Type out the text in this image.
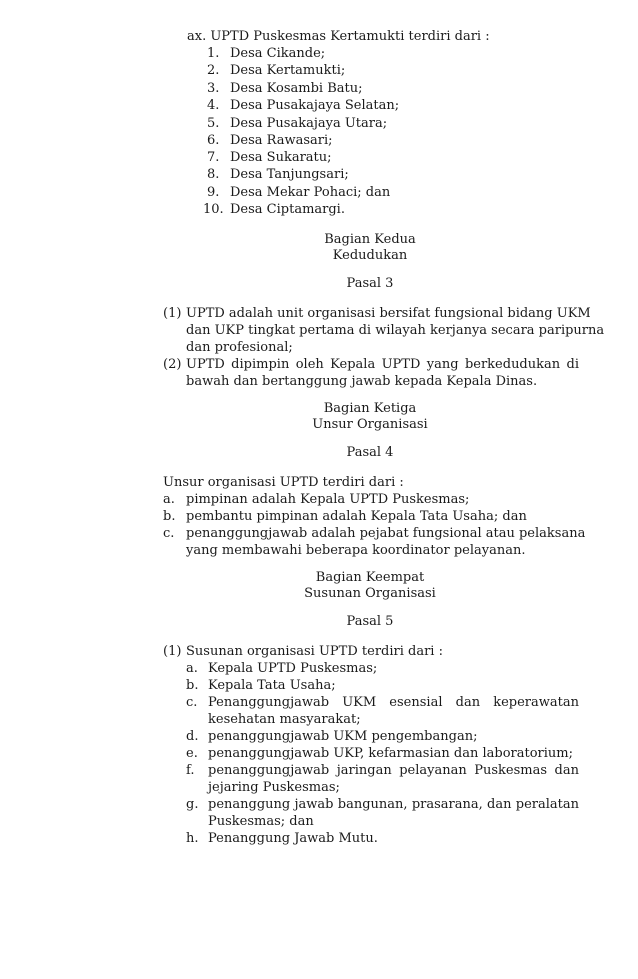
ax. UPTD Puskesmas Kertamukti terdiri dari :
1. Desa Cikande;
2. Desa Kertamukti;
3. Desa Kosambi Batu;
4. Desa Pusakajaya Selatan;
5. Desa Pusakajaya Utara;
6. Desa Rawasari;
7. Desa Sukaratu;
8. Desa Tanjungsari;
9. Desa Mekar Pohaci; dan
10. Desa Ciptamargi.
Bagian Kedua
Kedudukan
Pasal 3
(1) UPTD adalah unit organisasi bersifat fungsional bidang UKM
dan UKP tingkat pertama di wilayah kerjanya secara paripurna
dan profesional;
(2) UPTD dipimpin oleh Kepala UPTD yang berkedudukan di
bawah dan bertanggung jawab kepada Kepala Dinas.
Bagian Ketiga
Unsur Organisasi
Pasal 4
Unsur organisasi UPTD terdiri dari :
a. pimpinan adalah Kepala UPTD Puskesmas;
b. pembantu pimpinan adalah Kepala Tata Usaha; dan
c. penanggungjawab adalah pejabat fungsional atau pelaksana
yang membawahi beberapa koordinator pelayanan.
Bagian Keempat
Susunan Organisasi
Pasal 5
(1) Susunan organisasi UPTD terdiri dari :
a. Kepala UPTD Puskesmas;
b. Kepala Tata Usaha;
c. Penanggungjawab UKM esensial dan keperawatan
kesehatan masyarakat;
d. penanggungjawab UKM pengembangan;
e. penanggungjawab UKP, kefarmasian dan laboratorium;
f. penanggungjawab jaringan pelayanan Puskesmas dan
jejaring Puskesmas;
g. penanggung jawab bangunan, prasarana, dan peralatan
Puskesmas; dan
h. Penanggung Jawab Mutu.
